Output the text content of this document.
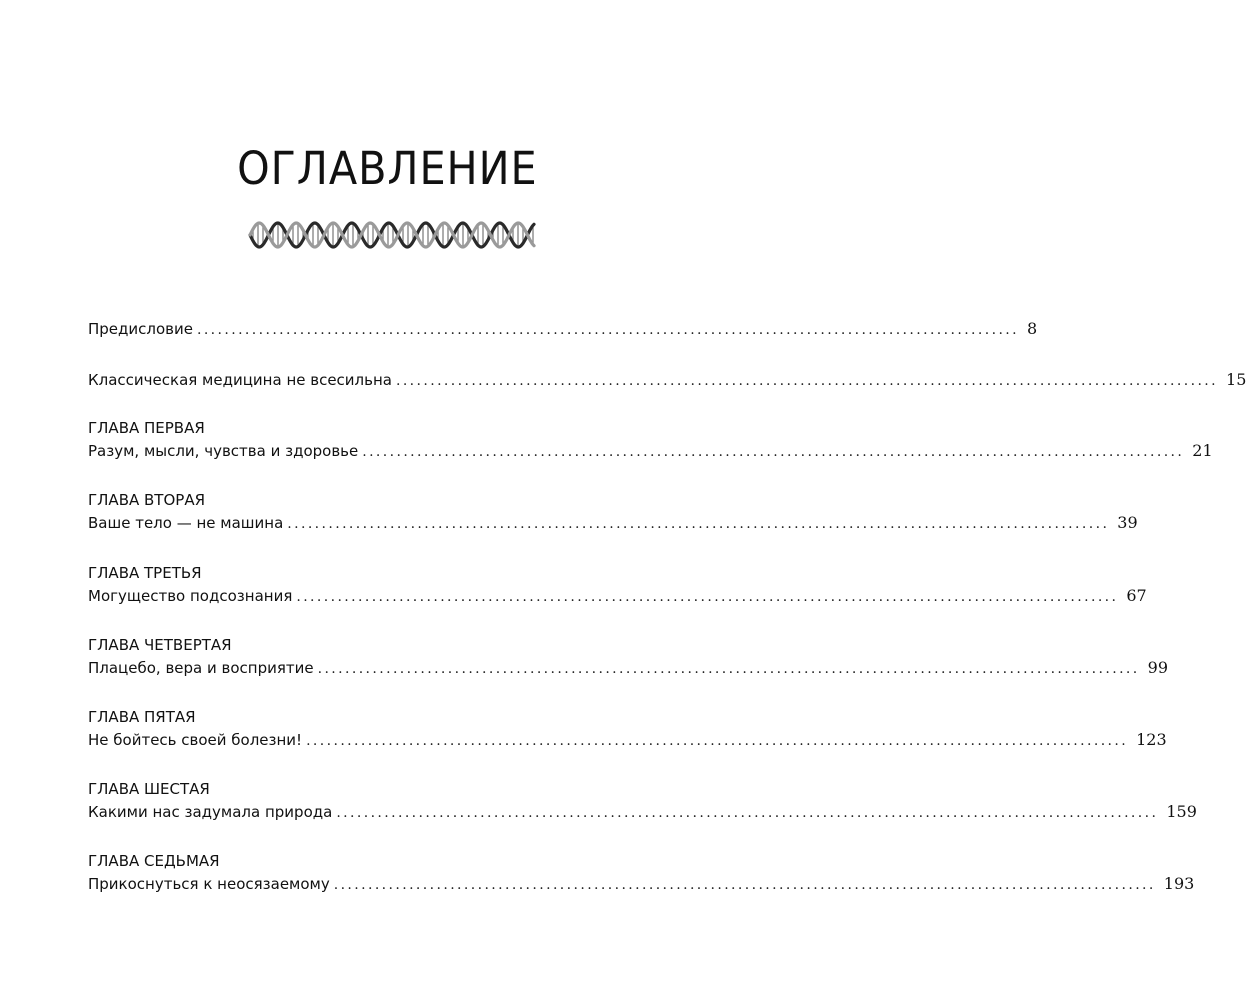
ОГЛАВЛЕНИЕ
Предисловие ........................................................................................................................ 8
Классическая медицина не всесильна ........................................................................................................................ 15
ГЛАВА ПЕРВАЯ
Разум, мысли, чувства и здоровье ........................................................................................................................ 21
ГЛАВА ВТОРАЯ
Ваше тело — не машина ........................................................................................................................ 39
ГЛАВА ТРЕТЬЯ
Могущество подсознания ........................................................................................................................ 67
ГЛАВА ЧЕТВЕРТАЯ
Плацебо, вера и восприятие ........................................................................................................................ 99
ГЛАВА ПЯТАЯ
Не бойтесь своей болезни! ........................................................................................................................ 123
ГЛАВА ШЕСТАЯ
Какими нас задумала природа ........................................................................................................................ 159
ГЛАВА СЕДЬМАЯ
Прикоснуться к неосязаемому ........................................................................................................................ 193
